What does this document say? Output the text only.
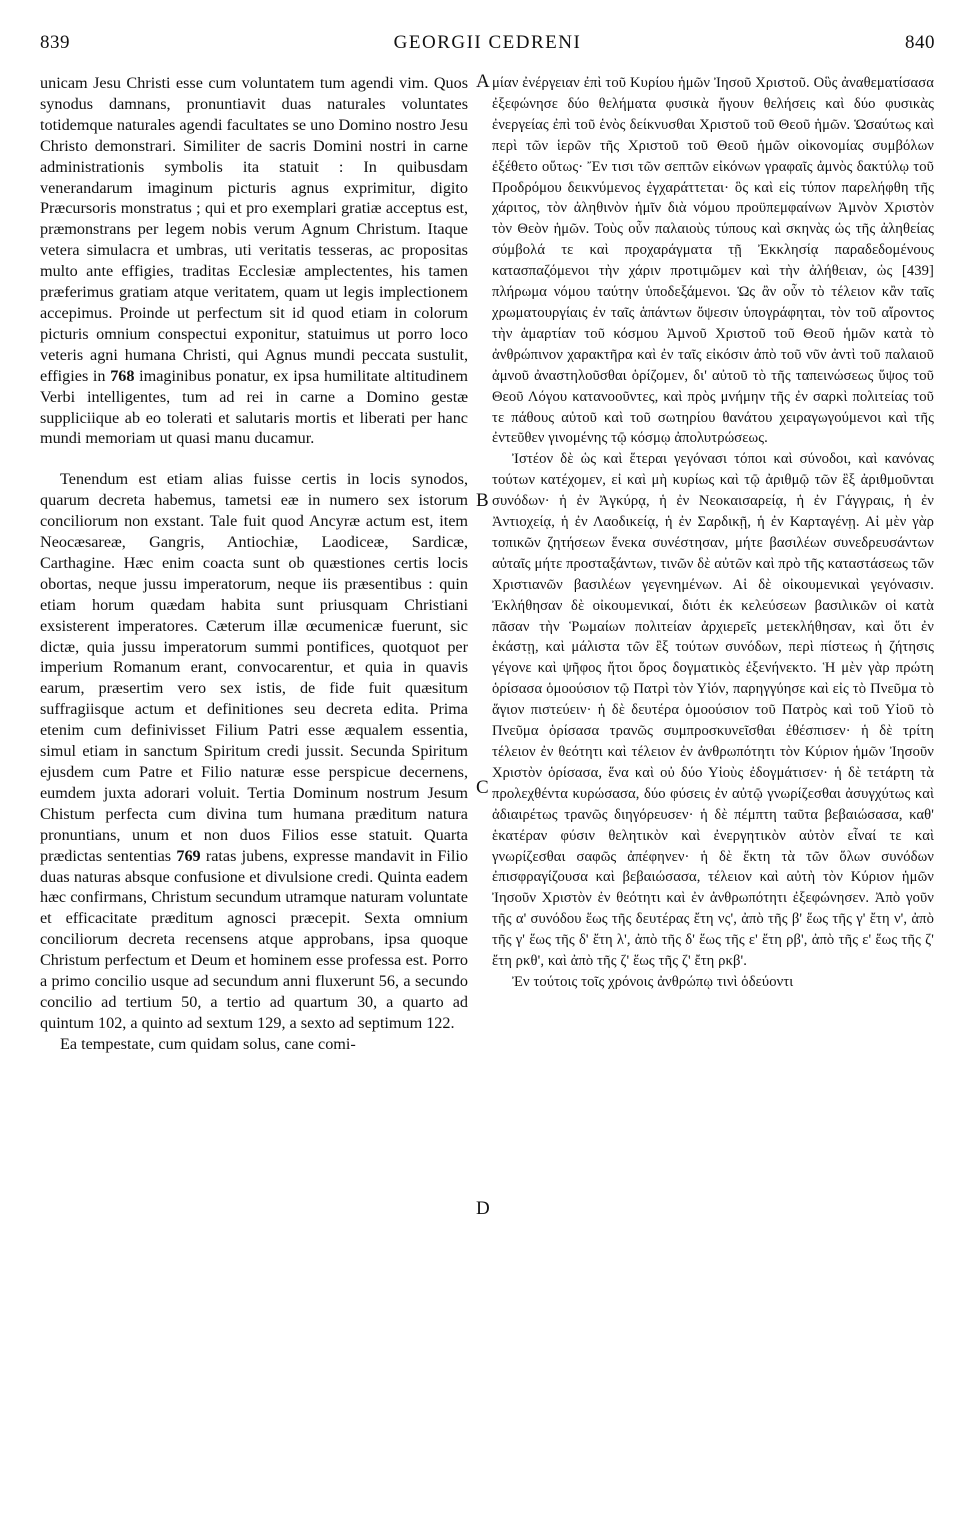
839	GEORGII CEDRENI	840

unicam Jesu Christi esse cum voluntatem tum agendi vim. Quos synodus damnans, pronuntiavit duas naturales voluntates totidemque naturales agendi facultates se uno Domino nostro Jesu Christo demonstrari. Similiter de sacris Domini nostri in carne administrationis symbolis ita statuit : In quibusdam venerandarum imaginum picturis agnus exprimitur, digito Præcursoris monstratus ; qui et pro exemplari gratiæ acceptus est, præmonstrans per legem nobis verum Agnum Christum. Itaque vetera simulacra et umbras, uti veritatis tesseras, ac propositas multo ante effigies, traditas Ecclesiæ amplectentes, his tamen præferimus gratiam atque veritatem, quam ut legis implectionem accepimus. Proinde ut perfectum sit id quod etiam in colorum picturis omnium conspectui exponitur, statuimus ut porro loco veteris agni humana Christi, qui Agnus mundi peccata sustulit, effigies in 768 imaginibus ponatur, ex ipsa humilitate altitudinem Verbi intelligentes, tum ad rei in carne a Domino gestæ suppliciique ab eo tolerati et salutaris mortis et liberati per hanc mundi memoriam ut quasi manu ducamur.

Tenendum est etiam alias fuisse certis in locis synodos, quarum decreta habemus, tametsi eæ in numero sex istorum conciliorum non exstant. Tale fuit quod Ancyræ actum est, item Neocæsareæ, Gangris, Antiochiæ, Laodiceæ, Sardicæ, Carthagine. Hæc enim coacta sunt ob quæstiones certis locis obortas, neque jussu imperatorum, neque iis præsentibus : quin etiam horum quædam habita sunt priusquam Christiani exsisterent imperatores. Cæterum illæ œcumenicæ fuerunt, sic dictæ, quia jussu imperatorum summi pontifices, quotquot per imperium Romanum erant, convocarentur, et quia in quavis earum, præsertim vero sex istis, de fide fuit quæsitum suffragiisque actum et definitiones seu decreta edita. Prima etenim cum definivisset Filium Patri esse æqualem essentia, simul etiam in sanctum Spiritum credi jussit. Secunda Spiritum ejusdem cum Patre et Filio naturæ esse perspicue decernens, eumdem juxta adorari voluit. Tertia Dominum nostrum Jesum Chistum perfecta cum divina tum humana præditum natura pronuntians, unum et non duos Filios esse statuit. Quarta prædictas sententias 769 ratas jubens, expresse mandavit in Filio duas naturas absque confusione et divulsione credi. Quinta eadem hæc confirmans, Christum secundum utramque naturam voluntate et efficacitate præditum agnosci præcepit. Sexta omnium conciliorum decreta recensens atque approbans, ipsa quoque Christum perfectum et Deum et hominem esse professa est. Porro a primo concilio usque ad secundum anni fluxerunt 56, a secundo concilio ad tertium 50, a tertio ad quartum 30, a quarto ad quintum 102, a quinto ad sextum 129, a sexto ad septimum 122.

Ea tempestate, cum quidam solus, cane comi-

A
B
C
D

μίαν ἐνέργειαν ἐπὶ τοῦ Κυρίου ἡμῶν Ἰησοῦ Χριστοῦ. Οὓς ἀναθεματίσασα ἐξεφώνησε δύο θελήματα φυσικὰ ἤγουν θελήσεις καὶ δύο φυσικὰς ἐνεργείας ἐπὶ τοῦ ἑνὸς δείκνυσθαι Χριστοῦ τοῦ Θεοῦ ἡμῶν. Ὡσαύτως καὶ περὶ τῶν ἱερῶν τῆς Χριστοῦ τοῦ Θεοῦ ἡμῶν οἰκονομίας συμβόλων ἐξέθετο οὕτως· Ἔν τισι τῶν σεπτῶν εἰκόνων γραφαῖς ἀμνὸς δακτύλῳ τοῦ Προδρόμου δεικνύμενος ἐγχαράττεται· ὃς καὶ εἰς τύπον παρελήφθη τῆς χάριτος, τὸν ἀληθινὸν ἡμῖν διὰ νόμου προϋπεμφαίνων Ἀμνὸν Χριστὸν τὸν Θεὸν ἡμῶν. Τοὺς οὖν παλαιοὺς τύπους καὶ σκηνὰς ὡς τῆς ἀληθείας σύμβολά τε καὶ προχαράγματα τῇ Ἐκκλησίᾳ παραδεδομένους κατασπαζόμενοι τὴν χάριν προτιμῶμεν καὶ τὴν ἀλήθειαν, ὡς [439] πλήρωμα νόμου ταύτην ὑποδεξάμενοι. Ὡς ἂν οὖν τὸ τέλειον κἂν ταῖς χρωματουργίαις ἐν ταῖς ἁπάντων ὄψεσιν ὑπογράφηται, τὸν τοῦ αἴροντος τὴν ἁμαρτίαν τοῦ κόσμου Ἀμνοῦ Χριστοῦ τοῦ Θεοῦ ἡμῶν κατὰ τὸ ἀνθρώπινον χαρακτῆρα καὶ ἐν ταῖς εἰκόσιν ἀπὸ τοῦ νῦν ἀντὶ τοῦ παλαιοῦ ἀμνοῦ ἀναστηλοῦσθαι ὁρίζομεν, δι' αὐτοῦ τὸ τῆς ταπεινώσεως ὕψος τοῦ Θεοῦ Λόγου κατανοοῦντες, καὶ πρὸς μνήμην τῆς ἐν σαρκὶ πολιτείας τοῦ τε πάθους αὐτοῦ καὶ τοῦ σωτηρίου θανάτου χειραγωγούμενοι καὶ τῆς ἐντεῦθεν γινομένης τῷ κόσμῳ ἀπολυτρώσεως.

Ἰστέον δὲ ὡς καὶ ἕτεραι γεγόνασι τόποι καὶ σύνοδοι, καὶ κανόνας τούτων κατέχομεν, εἰ καὶ μὴ κυρίως καὶ τῷ ἀριθμῷ τῶν ἓξ ἀριθμοῦνται συνόδων· ἡ ἐν Ἀγκύρᾳ, ἡ ἐν Νεοκαισαρείᾳ, ἡ ἐν Γάγγραις, ἡ ἐν Ἀντιοχείᾳ, ἡ ἐν Λαοδικείᾳ, ἡ ἐν Σαρδικῇ, ἡ ἐν Καρταγένῃ. Αἱ μὲν γὰρ τοπικῶν ζητήσεων ἕνεκα συνέστησαν, μήτε βασιλέων συνεδρευσάντων αὐταῖς μήτε προσταξάντων, τινῶν δὲ αὐτῶν καὶ πρὸ τῆς καταστάσεως τῶν Χριστιανῶν βασιλέων γεγενημένων. Αἱ δὲ οἰκουμενικαὶ γεγόνασιν. Ἐκλήθησαν δὲ οἰκουμενικαί, διότι ἐκ κελεύσεων βασιλικῶν οἱ κατὰ πᾶσαν τὴν Ῥωμαίων πολιτείαν ἀρχιερεῖς μετεκλήθησαν, καὶ ὅτι ἐν ἑκάστῃ, καὶ μάλιστα τῶν ἓξ τούτων συνόδων, περὶ πίστεως ἡ ζήτησις γέγονε καὶ ψῆφος ἤτοι ὅρος δογματικὸς ἐξενήνεκτο. Ἡ μὲν γὰρ πρώτη ὁρίσασα ὁμοούσιον τῷ Πατρὶ τὸν Υἱόν, παρηγγύησε καὶ εἰς τὸ Πνεῦμα τὸ ἅγιον πιστεύειν· ἡ δὲ δευτέρα ὁμοούσιον τοῦ Πατρὸς καὶ τοῦ Υἱοῦ τὸ Πνεῦμα ὁρίσασα τρανῶς συμπροσκυνεῖσθαι ἐθέσπισεν· ἡ δὲ τρίτη τέλειον ἐν θεότητι καὶ τέλειον ἐν ἀνθρωπότητι τὸν Κύριον ἡμῶν Ἰησοῦν Χριστὸν ὁρίσασα, ἕνα καὶ οὐ δύο Υἱοὺς ἐδογμάτισεν· ἡ δὲ τετάρτη τὰ προλεχθέντα κυρώσασα, δύο φύσεις ἐν αὐτῷ γνωρίζεσθαι ἀσυγχύτως καὶ ἀδιαιρέτως τρανῶς διηγόρευσεν· ἡ δὲ πέμπτη ταῦτα βεβαιώσασα, καθ' ἑκατέραν φύσιν θελητικὸν καὶ ἐνεργητικὸν αὐτὸν εἶναί τε καὶ γνωρίζεσθαι σαφῶς ἀπέφηνεν· ἡ δὲ ἕκτη τὰ τῶν ὅλων συνόδων ἐπισφραγίζουσα καὶ βεβαιώσασα, τέλειον καὶ αὐτὴ τὸν Κύριον ἡμῶν Ἰησοῦν Χριστὸν ἐν θεότητι καὶ ἐν ἀνθρωπότητι ἐξεφώνησεν. Ἀπὸ γοῦν τῆς α' συνόδου ἕως τῆς δευτέρας ἔτη νς', ἀπὸ τῆς β' ἕως τῆς γ' ἔτη ν', ἀπὸ τῆς γ' ἕως τῆς δ' ἔτη λ', ἀπὸ τῆς δ' ἕως τῆς ε' ἔτη ρβ', ἀπὸ τῆς ε' ἕως τῆς ζ' ἔτη ρκθ', καὶ ἀπὸ τῆς ζ' ἕως τῆς ζ' ἔτη ρκβ'.

Ἐν τούτοις τοῖς χρόνοις ἀνθρώπῳ τινὶ ὁδεύοντι
